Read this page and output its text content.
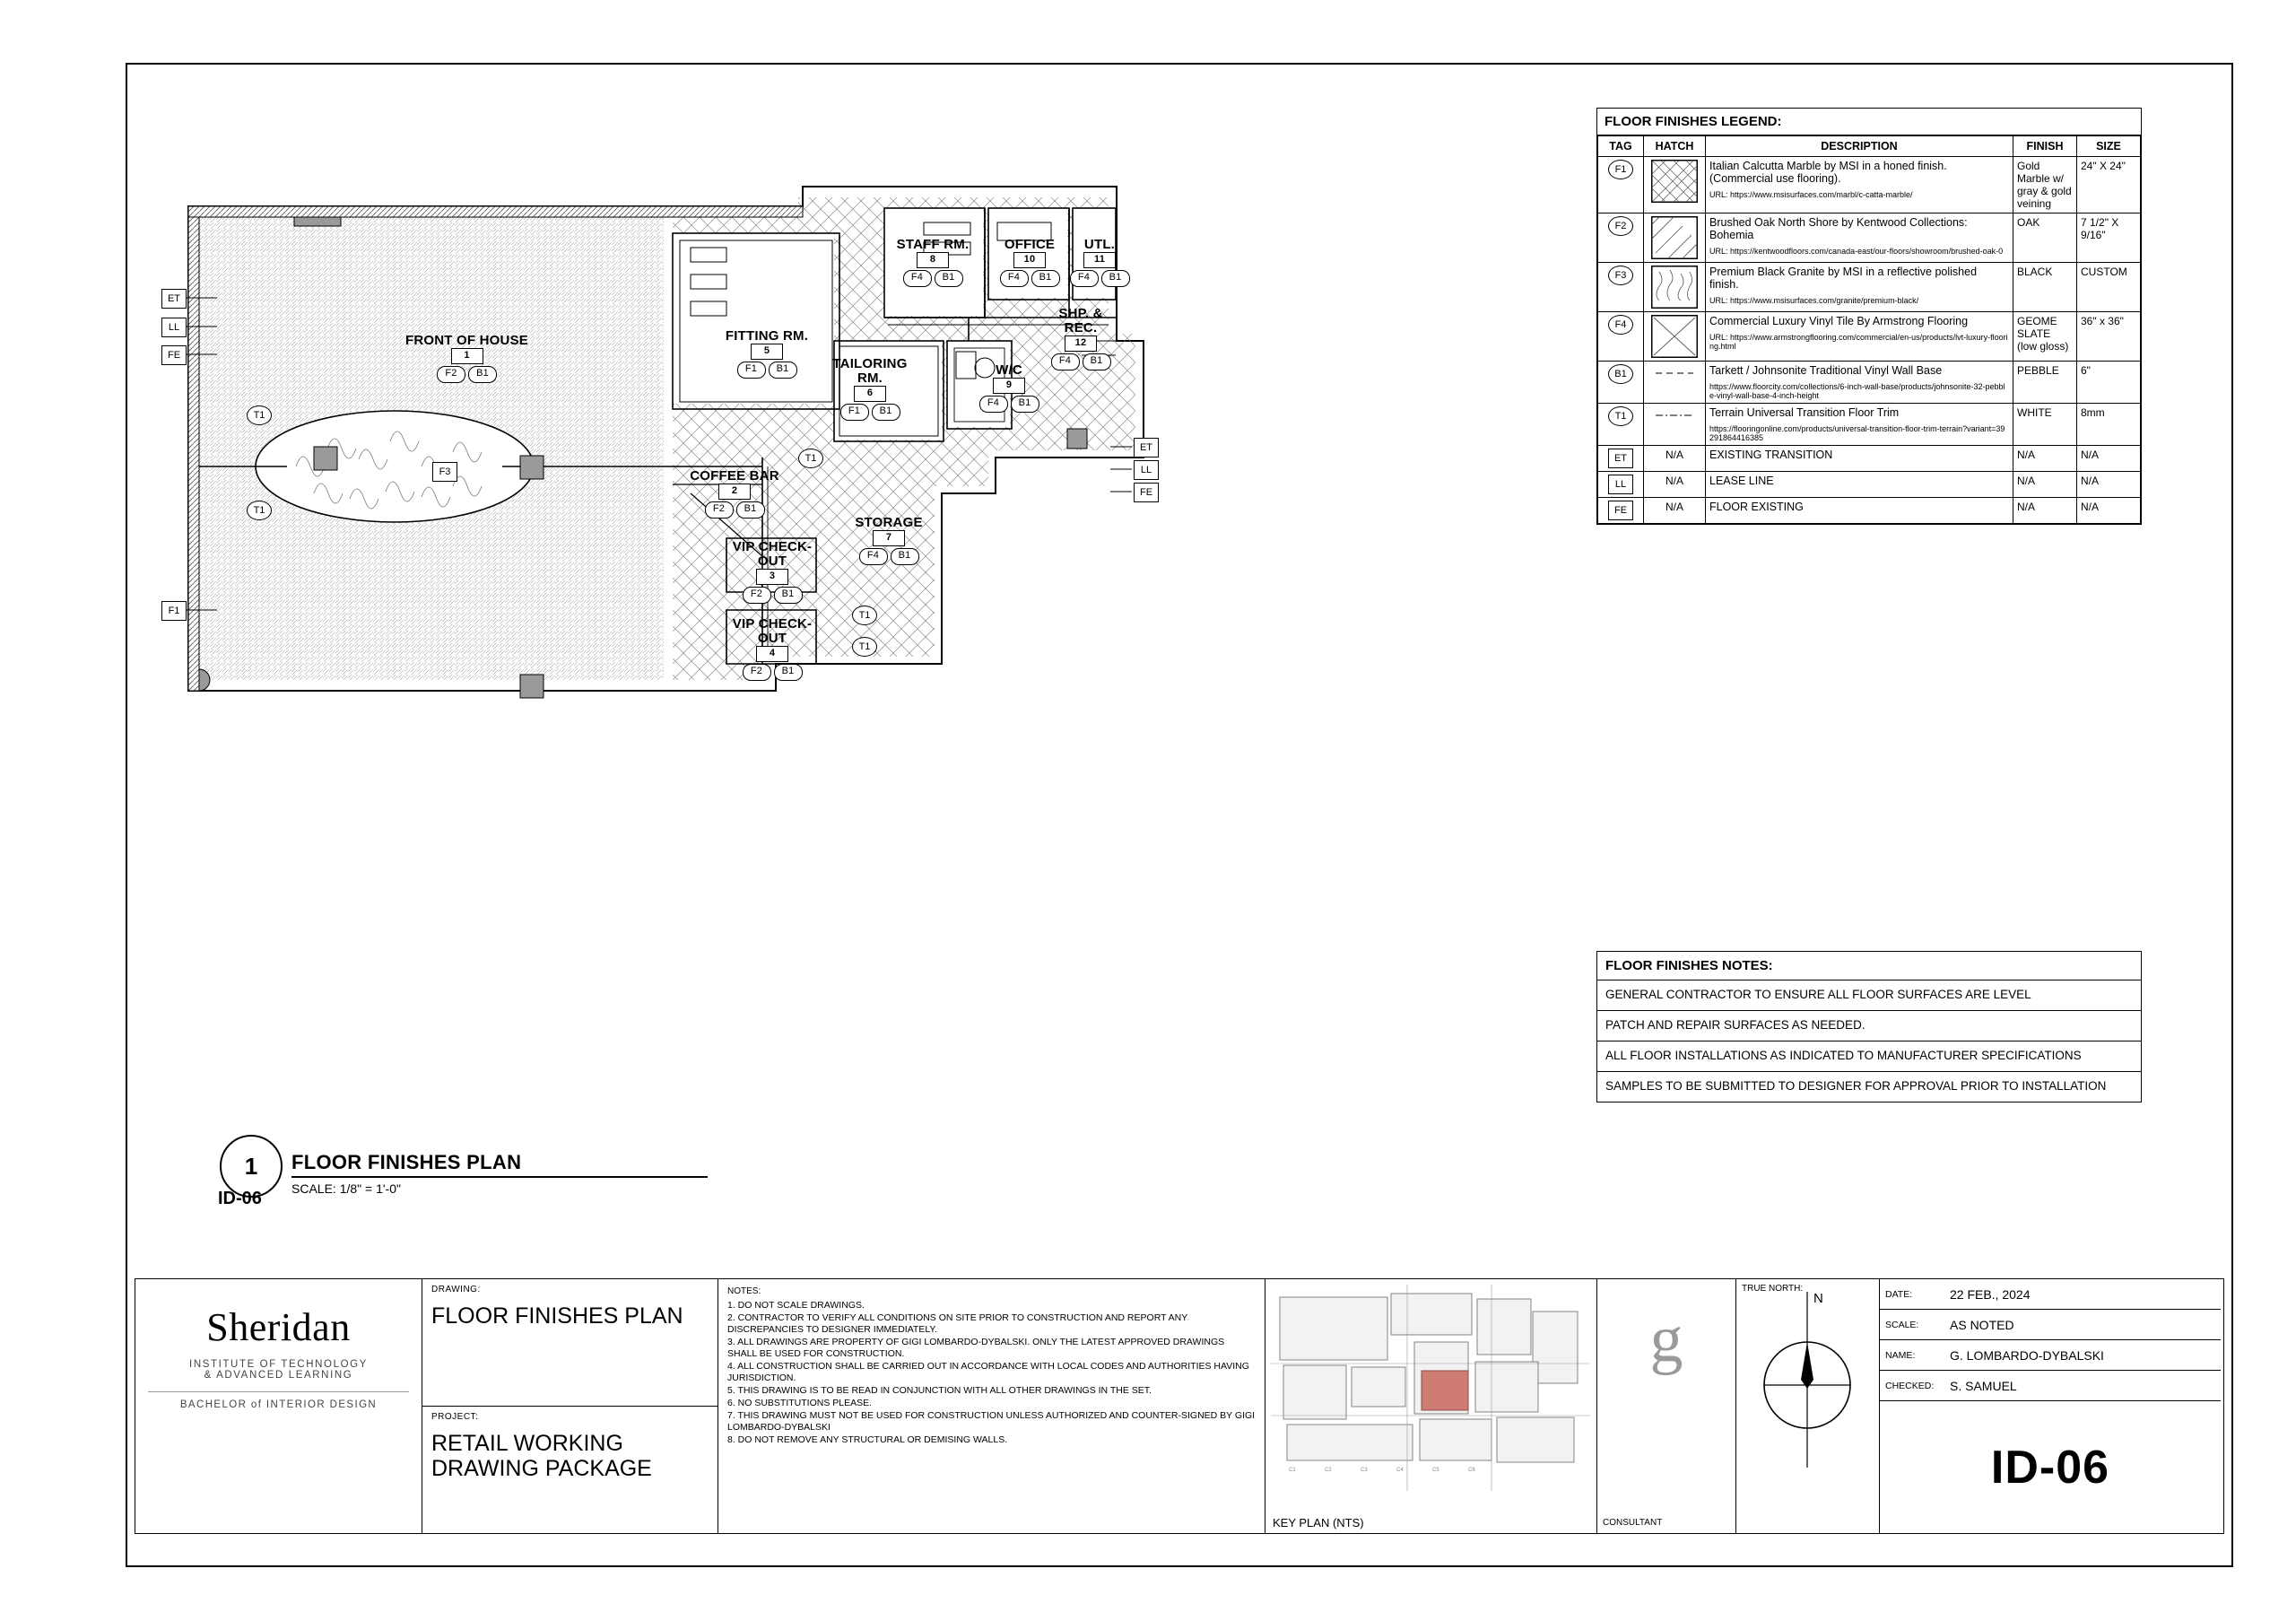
FRONT OF HOUSE
1
F2	B1
FITTING RM.
5
F1	B1	TAILORING RM.
6
F1	B1
STAFF RM.
8
F4	B1
OFFICE
10
F4	B1
UTL.
11
F4	B1
SHP. & REC.
12
F4	B1
W/C
9
F4	B1
COFFEE BAR
2
F2	B1
STORAGE
7
F4	B1
VIP CHECK-OUT
3
F2	B1
VIP CHECK-OUT
4
F2	B1
ET
LL
FE
F1
ET
LL
FE
T1
T1
T1
T1
T1
F3
1
ID-06
FLOOR FINISHES PLAN
SCALE: 1/8" = 1'-0"
FLOOR FINISHES LEGEND:
TAG	HATCH	DESCRIPTION	FINISH	SIZE

F1		Italian Calcutta Marble by MSI in a honed finish. (Commercial use flooring).
URL: https://www.msisurfaces.com/marbl/c-catta-marble/	Gold Marble w/ gray & gold veining	24" X 24"

F2		Brushed Oak North Shore by Kentwood Collections: Bohemia
URL: https://kentwoodfloors.com/canada-east/our-floors/showroom/brushed-oak-0	OAK	7 1/2" X 9/16"

F3		Premium Black Granite by MSI in a reflective polished finish.
URL: https://www.msisurfaces.com/granite/premium-black/	BLACK	CUSTOM

F4		Commercial Luxury Vinyl Tile By Armstrong Flooring
URL: https://www.armstrongflooring.com/commercial/en-us/products/lvt-luxury-flooring.html	GEOME SLATE (low gloss)	36" x 36"

B1		Tarkett / Johnsonite Traditional Vinyl Wall Base
https://www.floorcity.com/collections/6-inch-wall-base/products/johnsonite-32-pebble-vinyl-wall-base-4-inch-height	PEBBLE	6"

T1		Terrain Universal Transition Floor Trim
https://flooringonline.com/products/universal-transition-floor-trim-terrain?variant=39291864416385	WHITE	8mm

ET	N/A	EXISTING TRANSITION	N/A	N/A

LL	N/A	LEASE LINE	N/A	N/A

FE	N/A	FLOOR EXISTING	N/A	N/A
FLOOR FINISHES NOTES:
GENERAL CONTRACTOR TO ENSURE ALL FLOOR SURFACES ARE LEVEL
PATCH AND REPAIR SURFACES AS NEEDED.
ALL FLOOR INSTALLATIONS AS INDICATED TO MANUFACTURER SPECIFICATIONS
SAMPLES TO BE SUBMITTED TO DESIGNER FOR APPROVAL PRIOR TO INSTALLATION
Sheridan
INSTITUTE OF TECHNOLOGY
& ADVANCED LEARNING
BACHELOR of INTERIOR DESIGN
DRAWING:
FLOOR FINISHES PLAN
PROJECT:
RETAIL WORKING DRAWING PACKAGE
NOTES:
1. DO NOT SCALE DRAWINGS.
2. CONTRACTOR TO VERIFY ALL CONDITIONS ON SITE PRIOR TO CONSTRUCTION AND REPORT ANY DISCREPANCIES TO DESIGNER IMMEDIATELY.
3. ALL DRAWINGS ARE PROPERTY OF GIGI LOMBARDO-DYBALSKI. ONLY THE LATEST APPROVED DRAWINGS SHALL BE USED FOR CONSTRUCTION.
4. ALL CONSTRUCTION SHALL BE CARRIED OUT IN ACCORDANCE WITH LOCAL CODES AND AUTHORITIES HAVING JURISDICTION.
5. THIS DRAWING IS TO BE READ IN CONJUNCTION WITH ALL OTHER DRAWINGS IN THE SET.
6. NO SUBSTITUTIONS PLEASE.
7. THIS DRAWING MUST NOT BE USED FOR CONSTRUCTION UNLESS AUTHORIZED AND COUNTER-SIGNED BY GIGI LOMBARDO-DYBALSKI
8. DO NOT REMOVE ANY STRUCTURAL OR DEMISING WALLS.
C1	C2	C3	C4	C5	C6
KEY PLAN (NTS)
g
CONSULTANT
TRUE NORTH:
N	DATE:	22 FEB., 2024
SCALE:	AS NOTED
NAME:	G. LOMBARDO-DYBALSKI
CHECKED:	S. SAMUEL
ID-06
